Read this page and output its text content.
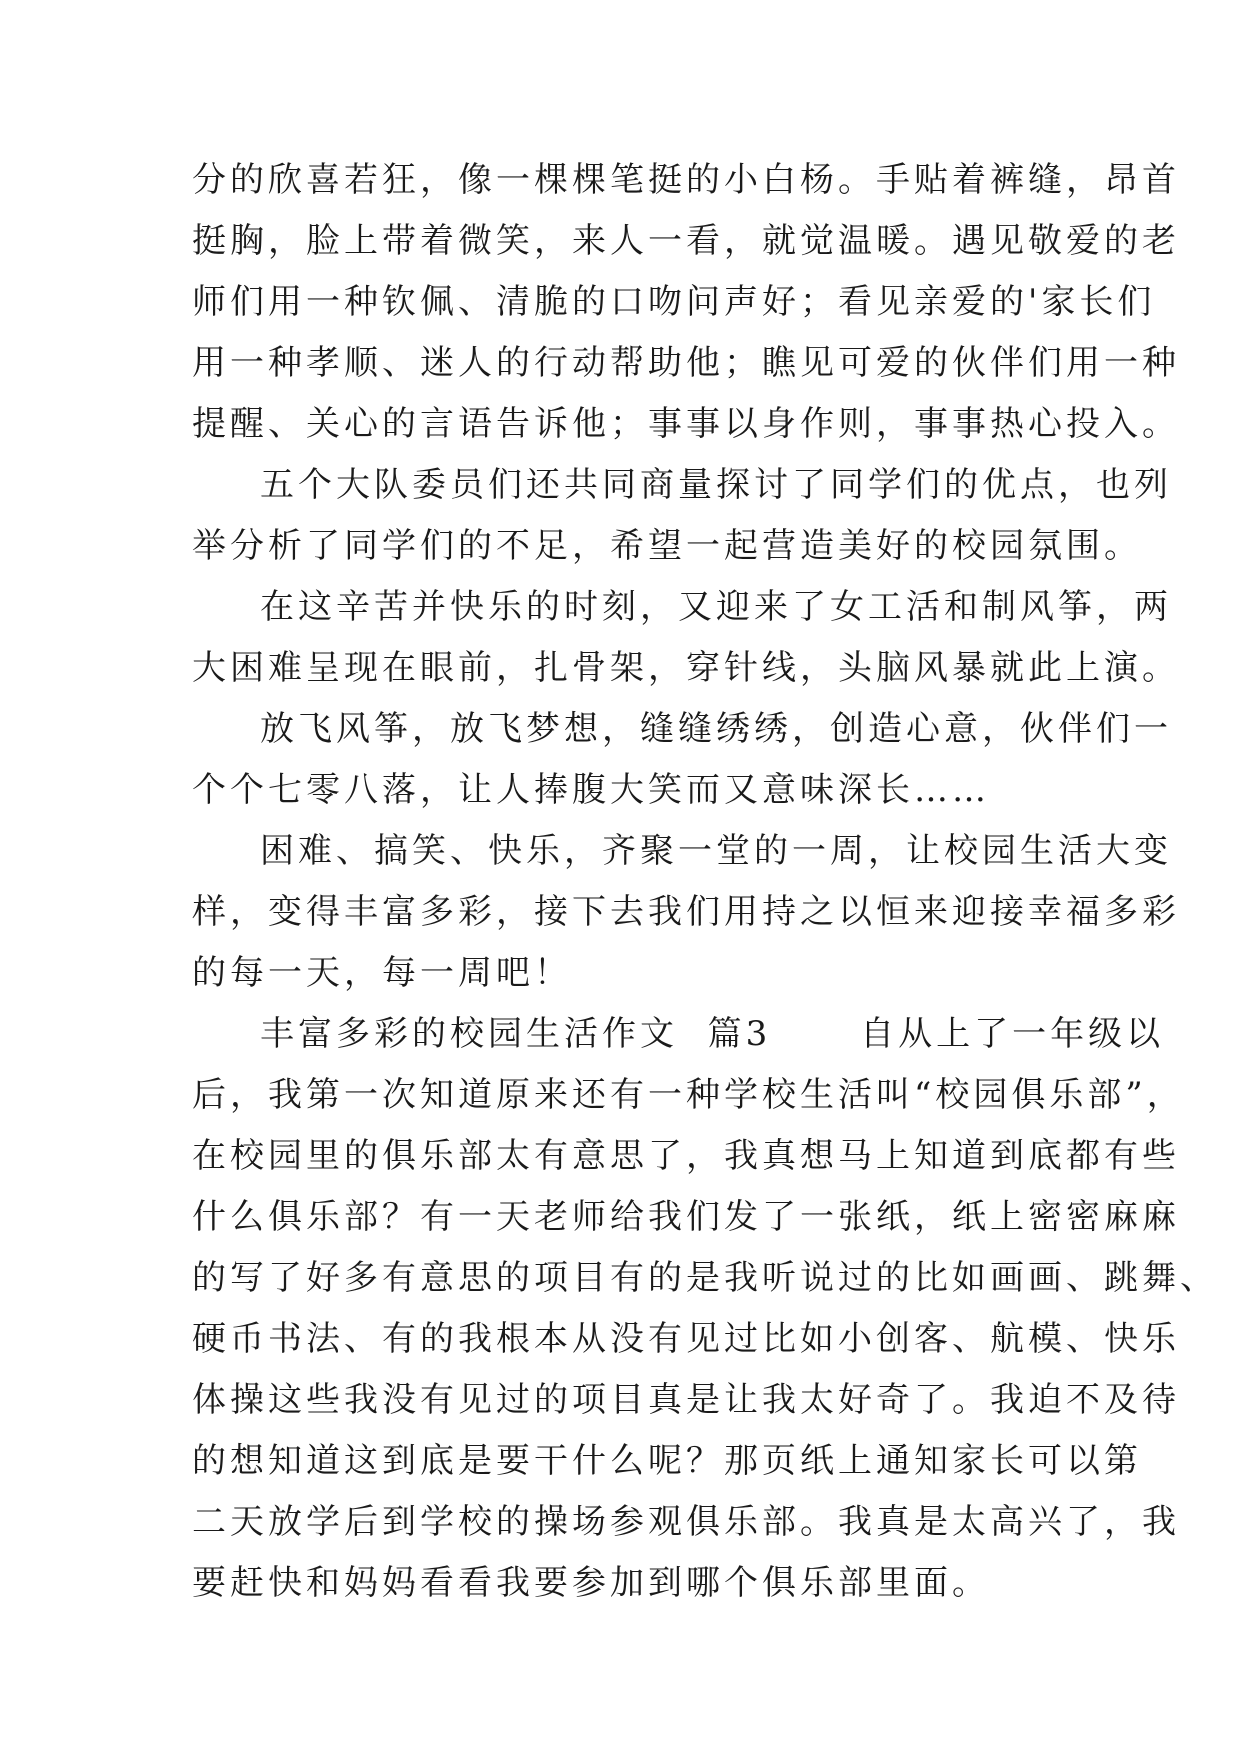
分的欣喜若狂，像一棵棵笔挺的小白杨。手贴着裤缝，昂首
挺胸，脸上带着微笑，来人一看，就觉温暖。遇见敬爱的老
师们用一种钦佩、清脆的口吻问声好；看见亲爱的'家长们
用一种孝顺、迷人的行动帮助他；瞧见可爱的伙伴们用一种
提醒、关心的言语告诉他；事事以身作则，事事热心投入。

五个大队委员们还共同商量探讨了同学们的优点，也列
举分析了同学们的不足，希望一起营造美好的校园氛围。

在这辛苦并快乐的时刻，又迎来了女工活和制风筝，两
大困难呈现在眼前，扎骨架，穿针线，头脑风暴就此上演。

放飞风筝，放飞梦想，缝缝绣绣，创造心意，伙伴们一
个个七零八落，让人捧腹大笑而又意味深长……

困难、搞笑、快乐，齐聚一堂的一周，让校园生活大变
样，变得丰富多彩，接下去我们用持之以恒来迎接幸福多彩
的每一天，每一周吧！

丰富多彩的校园生活作文  篇3      自从上了一年级以
后，我第一次知道原来还有一种学校生活叫“校园俱乐部”，
在校园里的俱乐部太有意思了，我真想马上知道到底都有些
什么俱乐部？有一天老师给我们发了一张纸，纸上密密麻麻
的写了好多有意思的项目有的是我听说过的比如画画、跳舞、
硬币书法、有的我根本从没有见过比如小创客、航模、快乐
体操这些我没有见过的项目真是让我太好奇了。我迫不及待
的想知道这到底是要干什么呢？那页纸上通知家长可以第
二天放学后到学校的操场参观俱乐部。我真是太高兴了，我
要赶快和妈妈看看我要参加到哪个俱乐部里面。
